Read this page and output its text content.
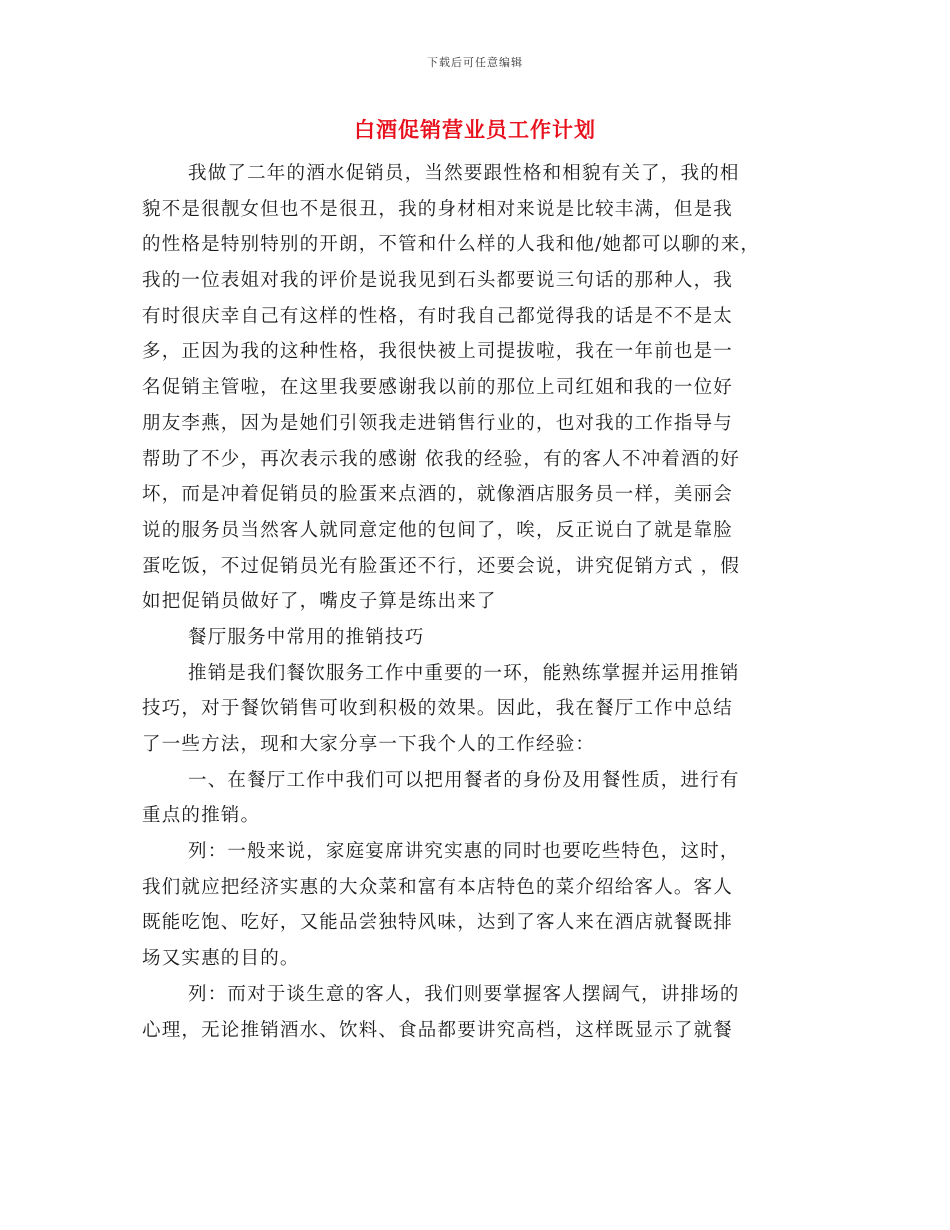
下载后可任意编辑
白酒促销营业员工作计划
我做了二年的酒水促销员，当然要跟性格和相貌有关了，我的相
貌不是很靓女但也不是很丑，我的身材相对来说是比较丰满，但是我
的性格是特别特别的开朗，不管和什么样的人我和他/她都可以聊的来，
我的一位表姐对我的评价是说我见到石头都要说三句话的那种人，我
有时很庆幸自己有这样的性格，有时我自己都觉得我的话是不不是太
多，正因为我的这种性格，我很快被上司提拔啦，我在一年前也是一
名促销主管啦，在这里我要感谢我以前的那位上司红姐和我的一位好
朋友李燕，因为是她们引领我走进销售行业的，也对我的工作指导与
帮助了不少，再次表示我的感谢 依我的经验，有的客人不冲着酒的好
坏，而是冲着促销员的脸蛋来点酒的，就像酒店服务员一样，美丽会
说的服务员当然客人就同意定他的包间了，唉，反正说白了就是靠脸
蛋吃饭，不过促销员光有脸蛋还不行，还要会说，讲究促销方式 ，假
如把促销员做好了，嘴皮子算是练出来了
餐厅服务中常用的推销技巧
推销是我们餐饮服务工作中重要的一环，能熟练掌握并运用推销
技巧，对于餐饮销售可收到积极的效果。因此，我在餐厅工作中总结
了一些方法，现和大家分享一下我个人的工作经验：
一、在餐厅工作中我们可以把用餐者的身份及用餐性质，进行有
重点的推销。
列：一般来说，家庭宴席讲究实惠的同时也要吃些特色，这时，
我们就应把经济实惠的大众菜和富有本店特色的菜介绍给客人。客人
既能吃饱、吃好，又能品尝独特风味，达到了客人来在酒店就餐既排
场又实惠的目的。
列：而对于谈生意的客人，我们则要掌握客人摆阔气，讲排场的
心理，无论推销酒水、饮料、食品都要讲究高档，这样既显示了就餐
